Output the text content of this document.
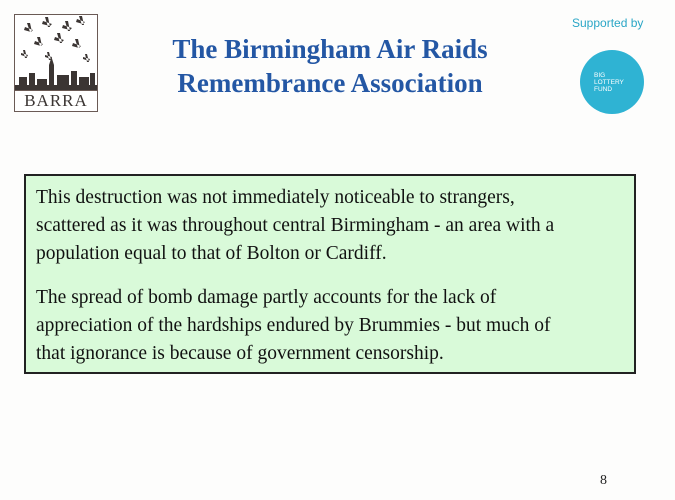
BARRA
The Birmingham Air Raids
Remembrance Association
Supported by
BIG
LOTTERY
FUND

This destruction was not immediately noticeable to strangers,
scattered as it was throughout central Birmingham - an area with a
population equal to that of Bolton or Cardiff.

The spread of bomb damage partly accounts for the lack of
appreciation of the hardships endured by Brummies - but much of
that ignorance is because of government censorship.

8
